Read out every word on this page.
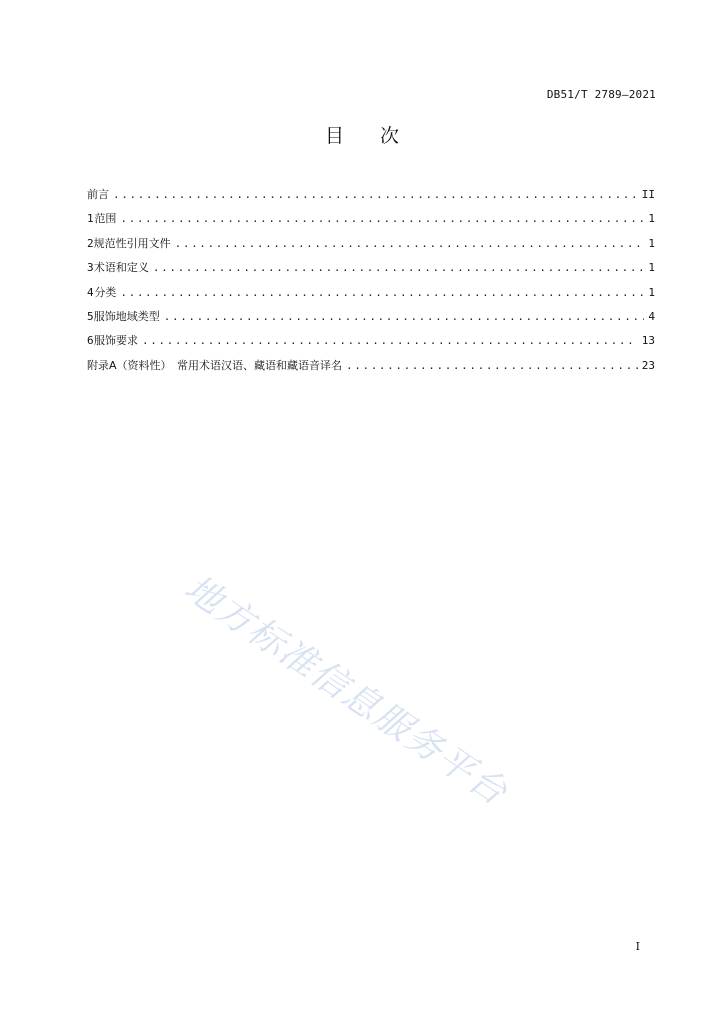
DB51/T 2789—2021
目次
前言 .....	II
1 范围 .....	1
2 规范性引用文件 .....	1
3 术语和定义 .....	1
4 分类 .....	1
5 服饰地域类型 .....	4
6 服饰要求 .....	13
附录A（资料性）　常用术语汉语、藏语和藏语音译名 .....	23
地方标准信息服务平台
I
